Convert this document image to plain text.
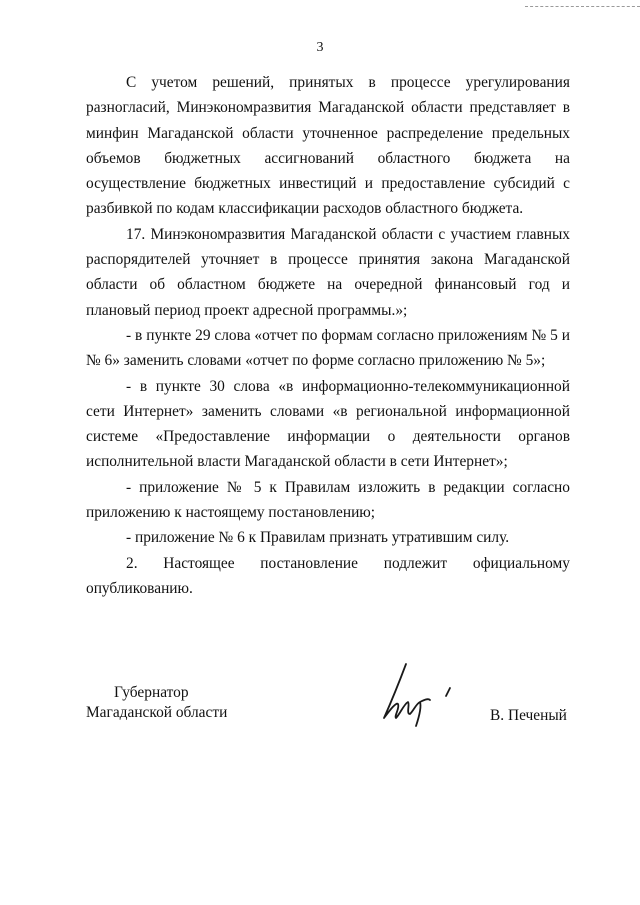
3

С учетом решений, принятых в процессе урегулирования разногласий, Минэкономразвития Магаданской области представляет в минфин Магаданской области уточненное распределение предельных объемов бюджетных ассигнований областного бюджета на осуществление бюджетных инвестиций и предоставление субсидий с разбивкой по кодам классификации расходов областного бюджета.

17. Минэкономразвития Магаданской области с участием главных распорядителей уточняет в процессе принятия закона Магаданской области об областном бюджете на очередной финансовый год и плановый период проект адресной программы.»;

- в пункте 29 слова «отчет по формам согласно приложениям № 5 и № 6» заменить словами «отчет по форме согласно приложению № 5»;

- в пункте 30 слова «в информационно-телекоммуникационной сети Интернет» заменить словами «в региональной информационной системе «Предоставление информации о деятельности органов исполнительной власти Магаданской области в сети Интернет»;

- приложение № 5 к Правилам изложить в редакции согласно приложению к настоящему постановлению;

- приложение № 6 к Правилам признать утратившим силу.

2. Настоящее постановление подлежит официальному опубликованию.

Губернатор
Магаданской области	В. Печеный
